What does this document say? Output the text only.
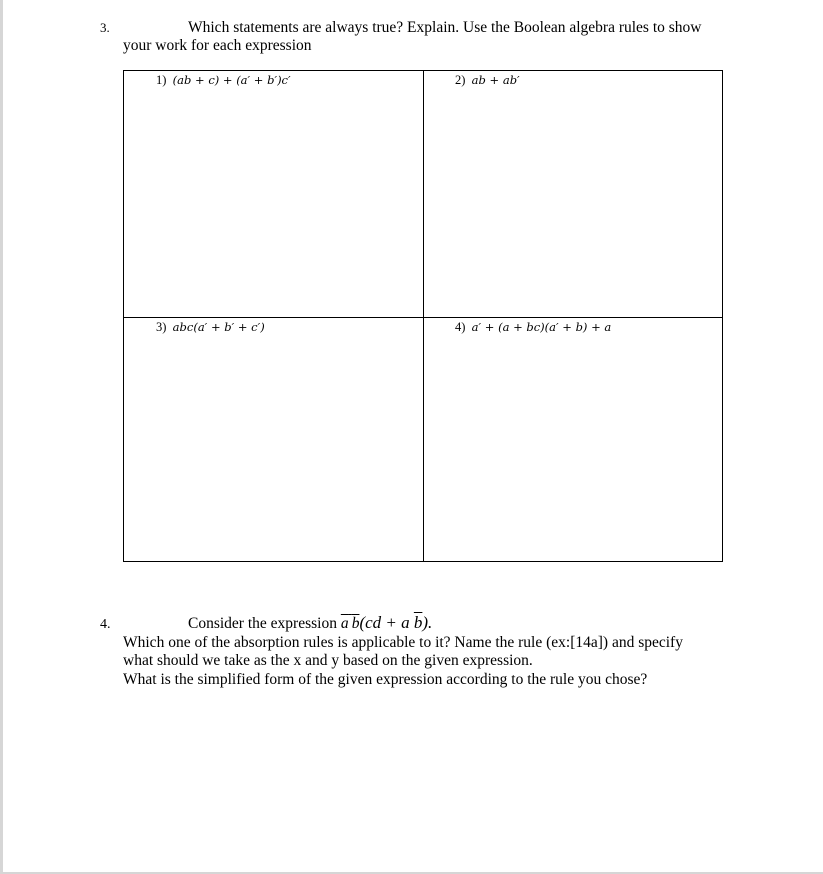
3.	Which statements are always true? Explain. Use the Boolean algebra rules to show
your work for each expression
1) (ab + c) + (a′ + b′)c′	2) ab + ab′
3) abc(a′ + b′ + c′)	4) a′ + (a + bc)(a′ + b) + a
4.	Consider the expression a  b(cd + a $\overline{b}$).
Which one of the absorption rules is applicable to it? Name the rule (ex:[14a]) and specify
what should we take as the x and y based on the given expression.
What is the simplified form of the given expression according to the rule you chose?
